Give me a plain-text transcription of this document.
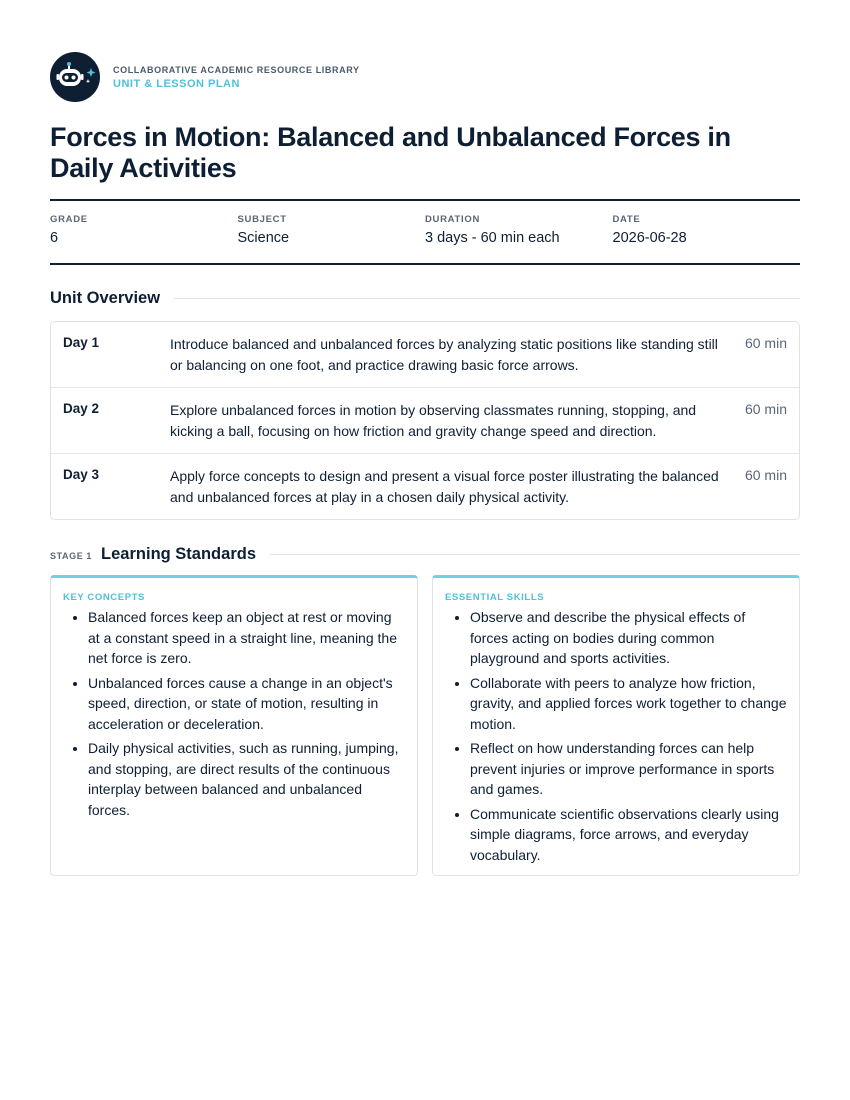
COLLABORATIVE ACADEMIC RESOURCE LIBRARY
UNIT & LESSON PLAN
Forces in Motion: Balanced and Unbalanced Forces in Daily Activities
GRADE
6
SUBJECT
Science
DURATION
3 days - 60 min each
DATE
2026-06-28
Unit Overview
Day 1	Introduce balanced and unbalanced forces by analyzing static positions like standing still or balancing on one foot, and practice drawing basic force arrows.
60 min
Day 2	Explore unbalanced forces in motion by observing classmates running, stopping, and kicking a ball, focusing on how friction and gravity change speed and direction.
60 min
Day 3	Apply force concepts to design and present a visual force poster illustrating the balanced and unbalanced forces at play in a chosen daily physical activity.
60 min
STAGE 1 Learning Standards
KEY CONCEPTS
• Balanced forces keep an object at rest or moving at a constant speed in a straight line, meaning the net force is zero.
• Unbalanced forces cause a change in an object's speed, direction, or state of motion, resulting in acceleration or deceleration.
• Daily physical activities, such as running, jumping, and stopping, are direct results of the continuous interplay between balanced and unbalanced forces.
ESSENTIAL SKILLS
• Observe and describe the physical effects of forces acting on bodies during common playground and sports activities.
• Collaborate with peers to analyze how friction, gravity, and applied forces work together to change motion.
• Reflect on how understanding forces can help prevent injuries or improve performance in sports and games.
• Communicate scientific observations clearly using simple diagrams, force arrows, and everyday vocabulary.
